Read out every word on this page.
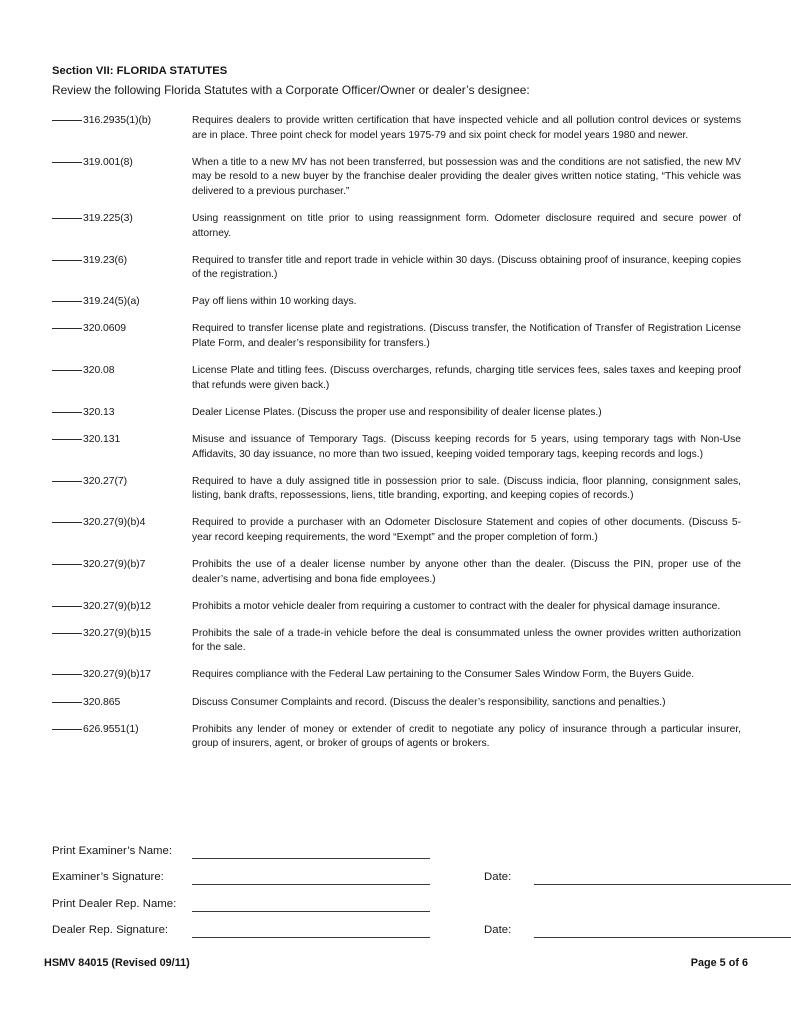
Section VII: FLORIDA STATUTES
Review the following Florida Statutes with a Corporate Officer/Owner or dealer’s designee:
316.2935(1)(b)	Requires dealers to provide written certification that have inspected vehicle and all pollution control devices or systems are in place. Three point check for model years 1975-79 and six point check for model years 1980 and newer.
319.001(8)	When a title to a new MV has not been transferred, but possession was and the conditions are not satisfied, the new MV may be resold to a new buyer by the franchise dealer providing the dealer gives written notice stating, “This vehicle was delivered to a previous purchaser.”
319.225(3)	Using reassignment on title prior to using reassignment form. Odometer disclosure required and secure power of attorney.
319.23(6)	Required to transfer title and report trade in vehicle within 30 days. (Discuss obtaining proof of insurance, keeping copies of the registration.)
319.24(5)(a)	Pay off liens within 10 working days.
320.0609	Required to transfer license plate and registrations. (Discuss transfer, the Notification of Transfer of Registration License Plate Form, and dealer’s responsibility for transfers.)
320.08	License Plate and titling fees. (Discuss overcharges, refunds, charging title services fees, sales taxes and keeping proof that refunds were given back.)
320.13	Dealer License Plates. (Discuss the proper use and responsibility of dealer license plates.)
320.131	Misuse and issuance of Temporary Tags. (Discuss keeping records for 5 years, using temporary tags with Non-Use Affidavits, 30 day issuance, no more than two issued, keeping voided temporary tags, keeping records and logs.)
320.27(7)	Required to have a duly assigned title in possession prior to sale. (Discuss indicia, floor planning, consignment sales, listing, bank drafts, repossessions, liens, title branding, exporting, and keeping copies of records.)
320.27(9)(b)4	Required to provide a purchaser with an Odometer Disclosure Statement and copies of other documents. (Discuss 5-year record keeping requirements, the word “Exempt” and the proper completion of form.)
320.27(9)(b)7	Prohibits the use of a dealer license number by anyone other than the dealer. (Discuss the PIN, proper use of the dealer’s name, advertising and bona fide employees.)
320.27(9)(b)12	Prohibits a motor vehicle dealer from requiring a customer to contract with the dealer for physical damage insurance.
320.27(9)(b)15	Prohibits the sale of a trade-in vehicle before the deal is consummated unless the owner provides written authorization for the sale.
320.27(9)(b)17	Requires compliance with the Federal Law pertaining to the Consumer Sales Window Form, the Buyers Guide.
320.865	Discuss Consumer Complaints and record. (Discuss the dealer’s responsibility, sanctions and penalties.)
626.9551(1)	Prohibits any lender of money or extender of credit to negotiate any policy of insurance through a particular insurer, group of insurers, agent, or broker of groups of agents or brokers.
Print Examiner’s Name:
Examiner’s Signature:	Date:
Print Dealer Rep. Name:
Dealer Rep. Signature:	Date:
HSMV 84015 (Revised 09/11)	Page 5 of 6
